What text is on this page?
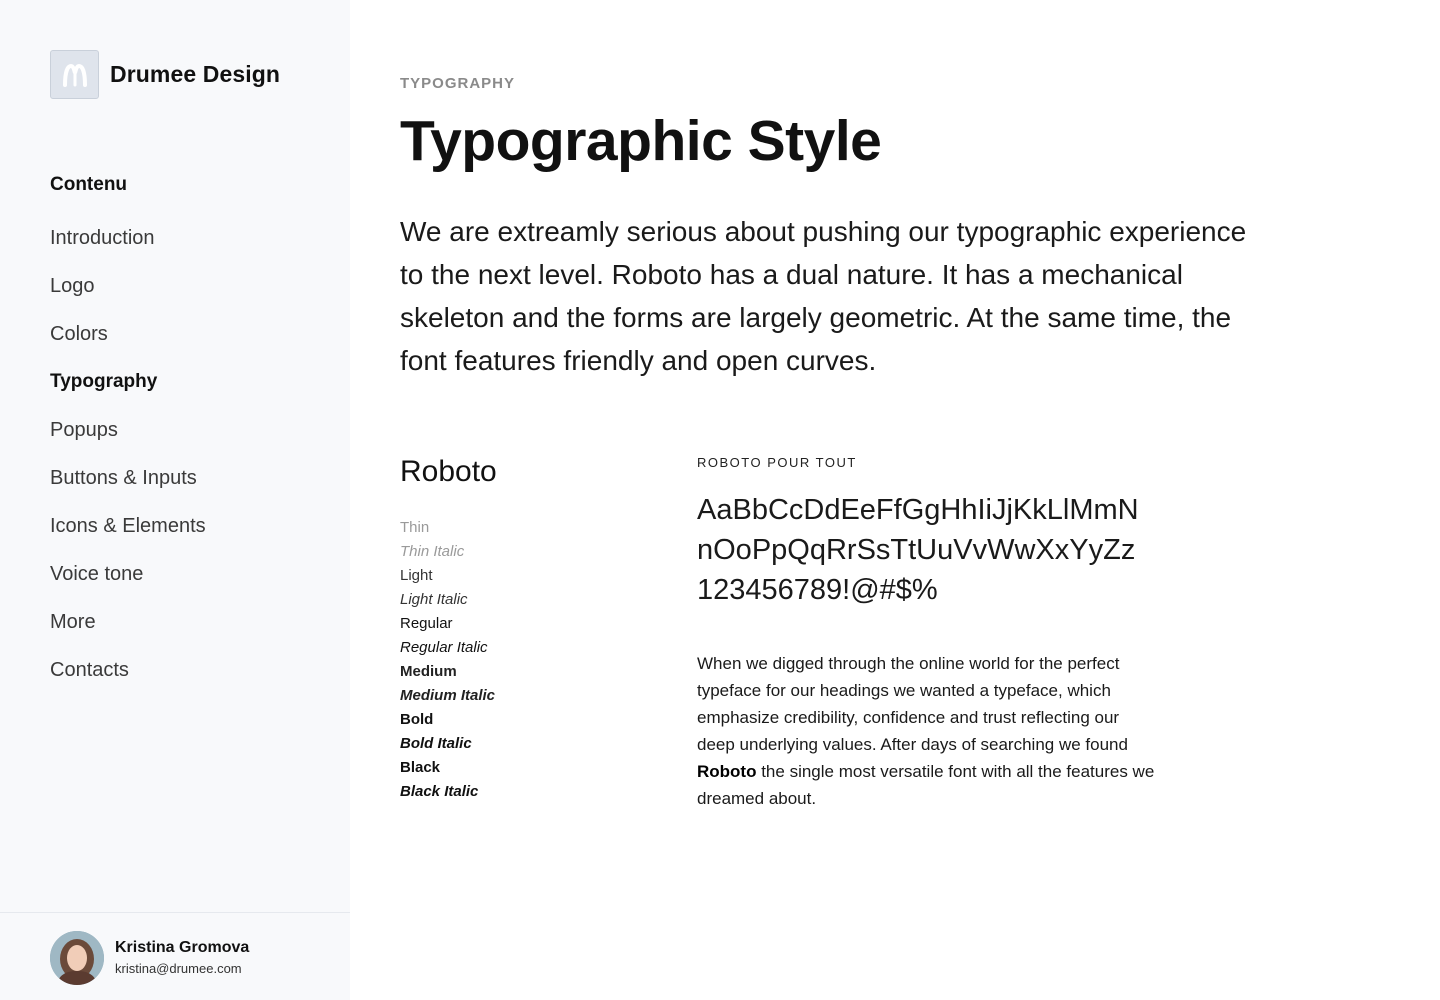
Drumee Design
Contenu
Introduction
Logo
Colors
Typography
Popups
Buttons & Inputs
Icons & Elements
Voice tone
More
Contacts
Kristina Gromova
kristina@drumee.com
TYPOGRAPHY
Typographic Style

We are extreamly serious about pushing our typographic experience to the next level. Roboto has a dual nature. It has a mechanical skeleton and the forms are largely geometric. At the same time, the font features friendly and open curves.

Roboto
Thin
Thin Italic
Light
Light Italic
Regular
Regular Italic
Medium
Medium Italic
Bold
Bold Italic
Black
Black Italic

ROBOTO POUR TOUT

AaBbCcDdEeFfGgHhIiJjKkLlMmN
nOoPpQqRrSsTtUuVvWwXxYyZz
123456789!@#$%

When we digged through the online world for the perfect typeface for our headings we wanted a typeface, which emphasize credibility, confidence and trust reflecting our deep underlying values. After days of searching we found Roboto the single most versatile font with all the features we dreamed about.
